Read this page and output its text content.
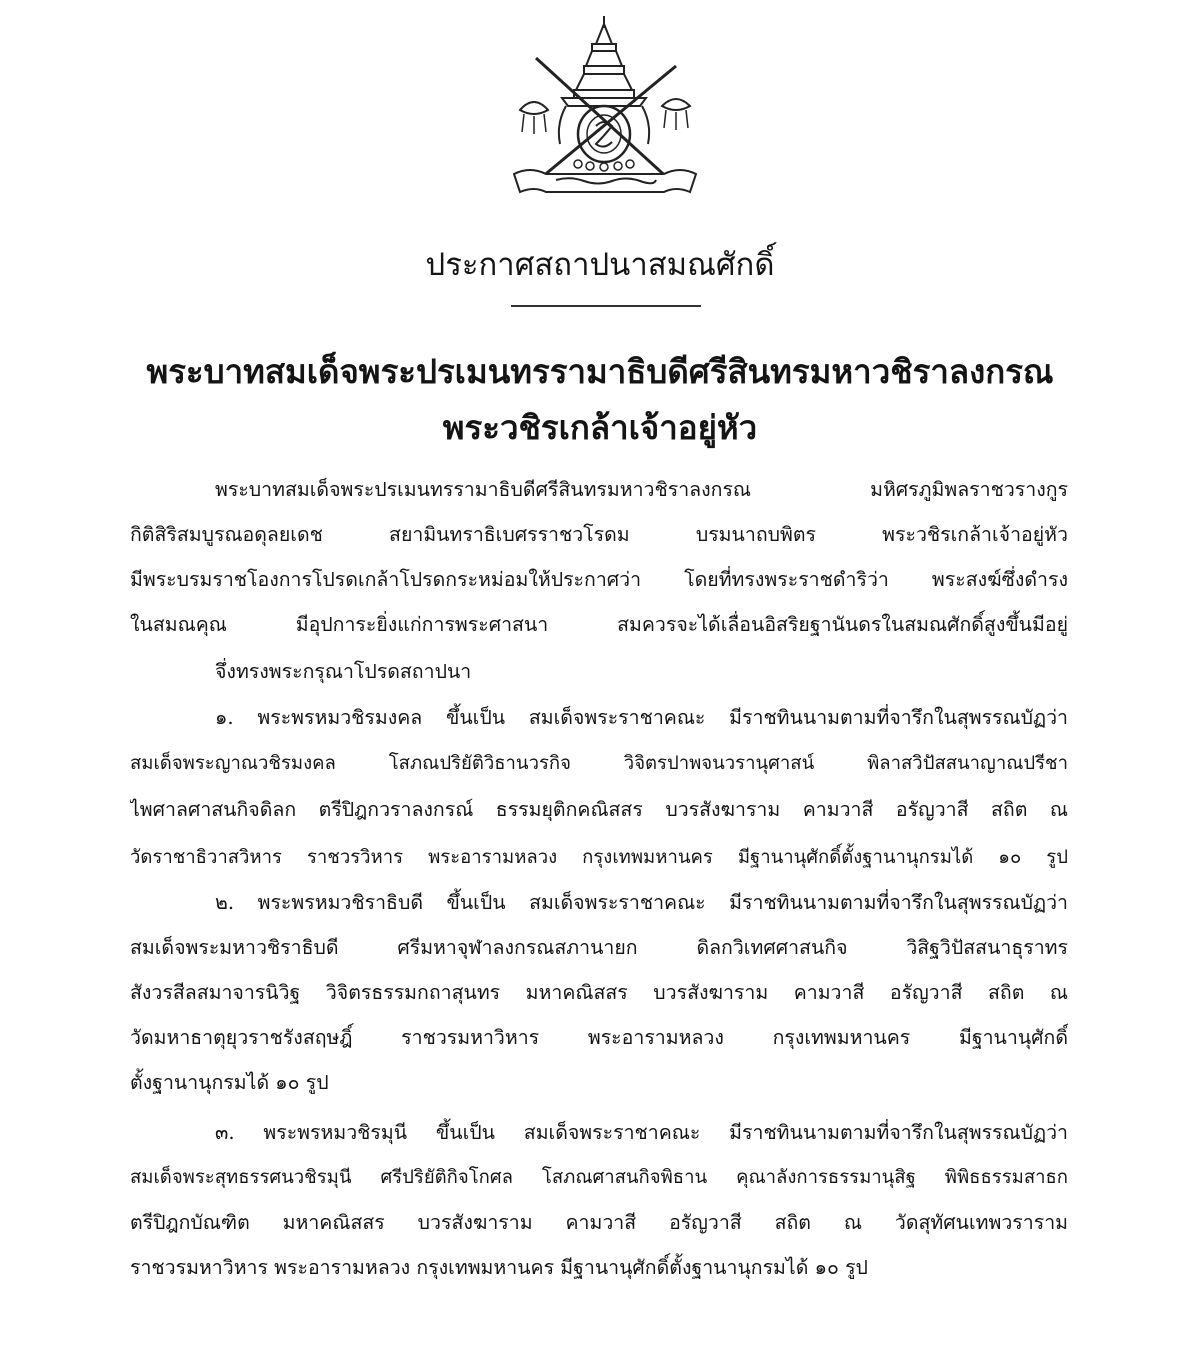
ประกาศสถาปนาสมณศักดิ์
พระบาทสมเด็จพระปรเมนทรรามาธิบดีศรีสินทรมหาวชิราลงกรณ
พระวชิรเกล้าเจ้าอยู่หัว
พระบาทสมเด็จพระปรเมนทรรามาธิบดีศรีสินทรมหาวชิราลงกรณ มหิศรภูมิพลราชวรางกูร
กิติสิริสมบูรณอดุลยเดช สยามินทราธิเบศรราชวโรดม บรมนาถบพิตร พระวชิรเกล้าเจ้าอยู่หัว
มีพระบรมราชโองการโปรดเกล้าโปรดกระหม่อมให้ประกาศว่า โดยที่ทรงพระราชดำริว่า พระสงฆ์ซึ่งดำรง
ในสมณคุณ มีอุปการะยิ่งแก่การพระศาสนา สมควรจะได้เลื่อนอิสริยฐานันดรในสมณศักดิ์สูงขึ้นมีอยู่
จึ่งทรงพระกรุณาโปรดสถาปนา
๑. พระพรหมวชิรมงคล ขึ้นเป็น สมเด็จพระราชาคณะ มีราชทินนามตามที่จารึกในสุพรรณบัฏว่า
สมเด็จพระญาณวชิรมงคล โสภณปริยัติวิธานวรกิจ วิจิตรปาพจนวรานุศาสน์ พิลาสวิปัสสนาญาณปรีชา
ไพศาลศาสนกิจดิลก ตรีปิฎกวราลงกรณ์ ธรรมยุติกคณิสสร บวรสังฆาราม คามวาสี อรัญวาสี สถิต ณ
วัดราชาธิวาสวิหาร ราชวรวิหาร พระอารามหลวง กรุงเทพมหานคร มีฐานานุศักดิ์ตั้งฐานานุกรมได้ ๑๐ รูป
๒. พระพรหมวชิราธิบดี ขึ้นเป็น สมเด็จพระราชาคณะ มีราชทินนามตามที่จารึกในสุพรรณบัฏว่า
สมเด็จพระมหาวชิราธิบดี ศรีมหาจุฬาลงกรณสภานายก ดิลกวิเทศศาสนกิจ วิสิฐวิปัสสนาธุราทร
สังวรสีลสมาจารนิวิฐ วิจิตรธรรมกถาสุนทร มหาคณิสสร บวรสังฆาราม คามวาสี อรัญวาสี สถิต ณ
วัดมหาธาตุยุวราชรังสฤษฎิ์ ราชวรมหาวิหาร พระอารามหลวง กรุงเทพมหานคร มีฐานานุศักดิ์
ตั้งฐานานุกรมได้ ๑๐ รูป
๓. พระพรหมวชิรมุนี ขึ้นเป็น สมเด็จพระราชาคณะ มีราชทินนามตามที่จารึกในสุพรรณบัฏว่า
สมเด็จพระสุทธรรศนวชิรมุนี ศรีปริยัติกิจโกศล โสภณศาสนกิจพิธาน คุณาลังการธรรมานุสิฐ พิพิธธรรมสาธก
ตรีปิฎกบัณฑิต มหาคณิสสร บวรสังฆาราม คามวาสี อรัญวาสี สถิต ณ วัดสุทัศนเทพวราราม
ราชวรมหาวิหาร พระอารามหลวง กรุงเทพมหานคร มีฐานานุศักดิ์ตั้งฐานานุกรมได้ ๑๐ รูป
